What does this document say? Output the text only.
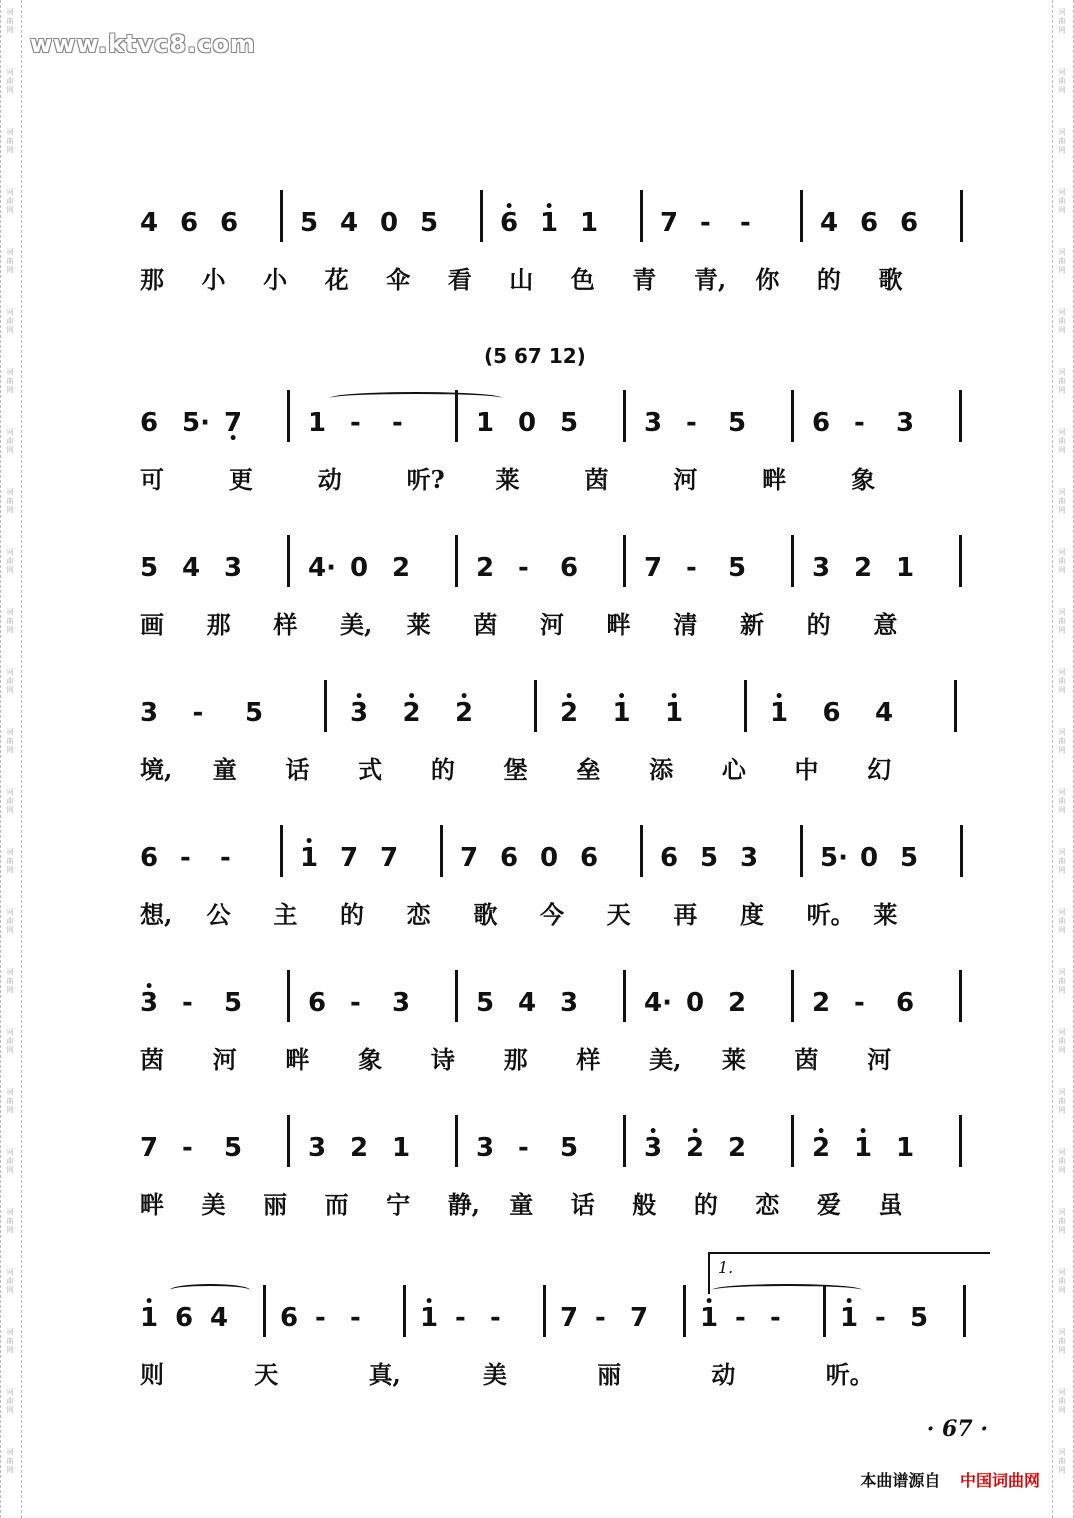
词
曲
网
词
曲
网
词
曲
网
词
曲
网
词
曲
网
词
曲
网
词
曲
网
词
曲
网
词
曲
网
词
曲
网
词
曲
网
词
曲
网
词
曲
网
词
曲
网
词
曲
网
词
曲
网
词
曲
网
词
曲
网
词
曲
网
词
曲
网
词
曲
网
词
曲
网
词
曲
网
词
曲
网
词
曲
网
词
曲
网
词
曲
网
词
曲
网
词
曲
网
词
曲
网
词
曲
网
词
曲
网
词
曲
网
词
曲
网
词
曲
网
词
曲
网
词
曲
网
词
曲
网
词
曲
网
词
曲
网
词
曲
网
词
曲
网
词
曲
网
词
曲
网
词
曲
网
词
曲
网
词
曲
网
词
曲
网
词
曲
网
词
曲
网
www.ktvc8.com
4 6 6 5 4 0 5 • 6 • 1 1 7 - -	4 6 6
那 小 小 花 伞 看 山 色 青 青, 你 的 歌
6 5· 7 •	1 - -	1 0 5	3 - 5	6 - 3
可	更	动	听? 莱	茵	河	畔	象
5 4 3	4· 0 2	2 - 6	7 - 5	3 2 1
画 那 样 美, 莱 茵 河 畔 清 新 的 意
3 - 5	• 3 • 2 • 2	• 2 • 1 • 1	• 1 6 4
境, 童 话 式 的 堡 垒 添 心 中 幻
6 - -	• 1 7 7 7 6 0 6 6 5 3 5· 0 5
想, 公 主 的 恋 歌 今 天 再 度 听。 莱
• 3 - 5	6 - 3	5 4 3	4· 0 2	2 - 6
茵 河 畔 象 诗 那 样 美, 莱 茵 河
7 - 5	3 2 1	3 - 5	• 3 • 2 2	• 2 • 1 1
畔 美 丽 而 宁 静, 童 话 般 的 恋 爱 虽
• 1 6 4 6 - - • 1 - - 7 - 7 • 1 - - • 1 - 5
则	天	真,	美	丽	动	听。
(5 67 12)
1.
· 67 ·
本曲谱源自 中国词曲网
